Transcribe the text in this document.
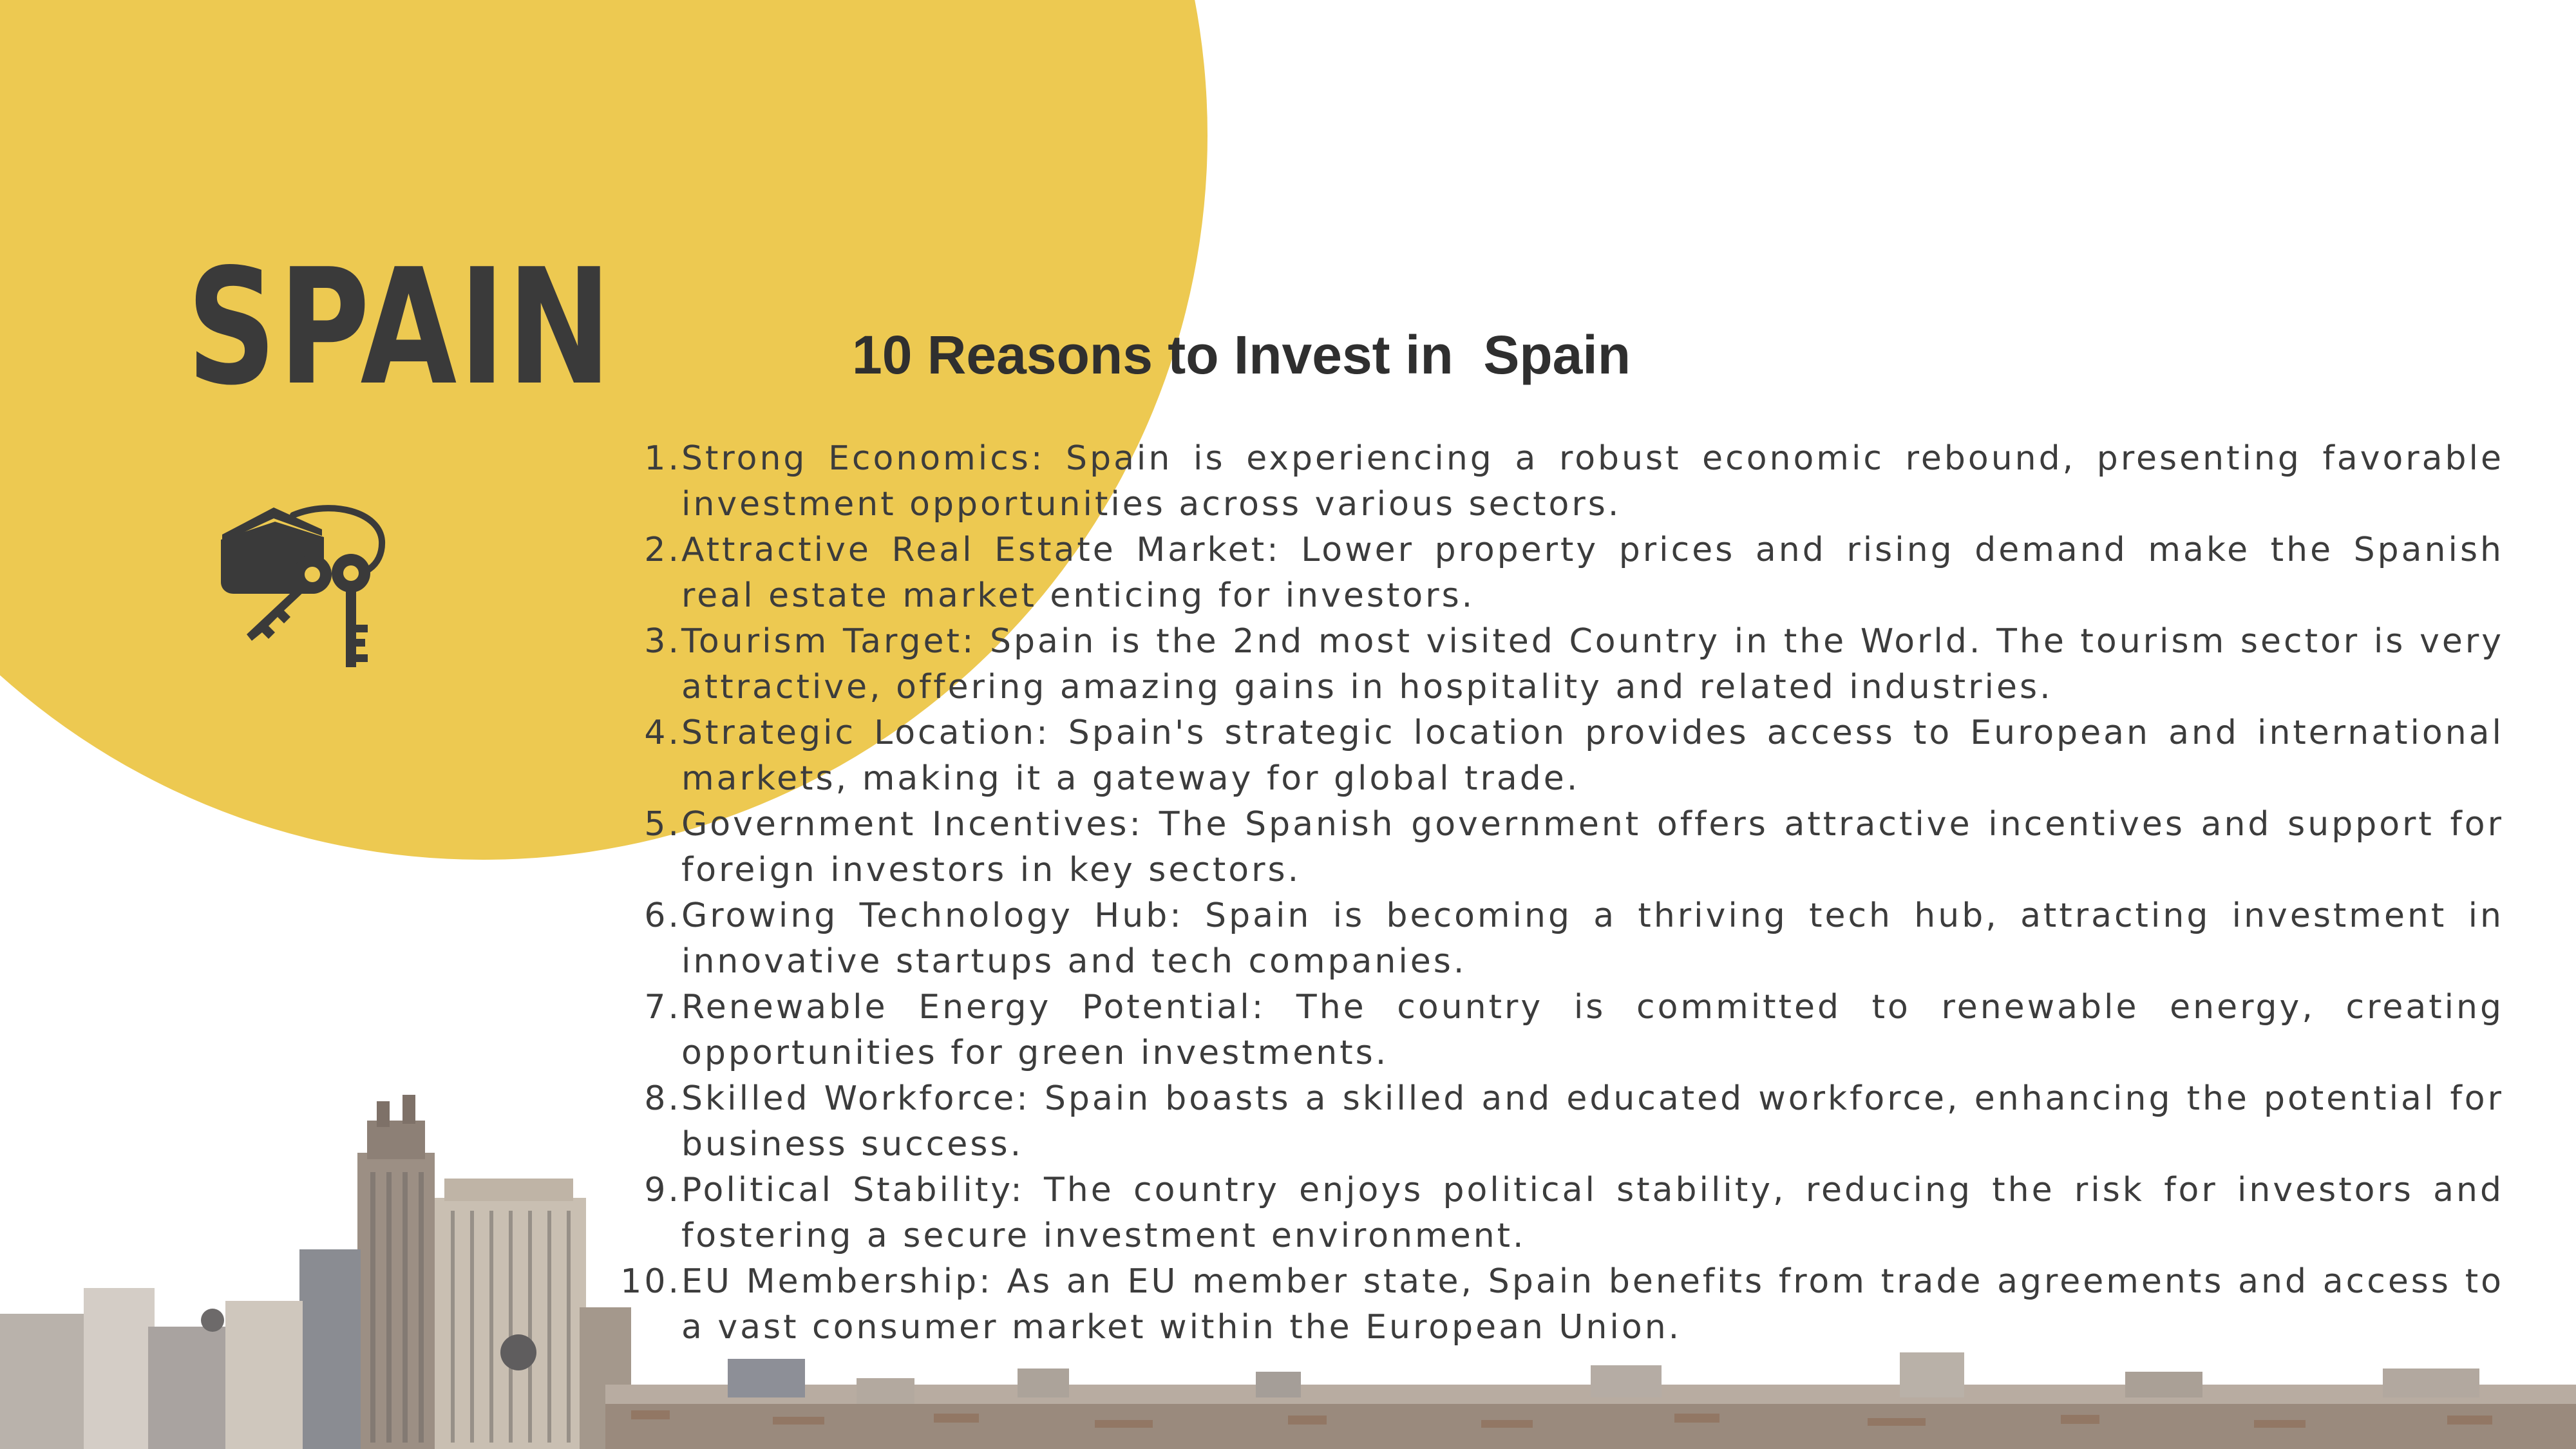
SPAIN	10 Reasons to Invest in  Spain
1. Strong Economics: Spain is experiencing a robust economic rebound, presenting favorable investment opportunities across various sectors.
2. Attractive Real Estate Market: Lower property prices and rising demand make the Spanish real estate market enticing for investors.
3. Tourism Target: Spain is the 2nd most visited Country in the World. The tourism sector is very attractive, offering amazing gains in hospitality and related industries.
4. Strategic Location: Spain's strategic location provides access to European and international markets, making it a gateway for global trade.
5. Government Incentives: The Spanish government offers attractive incentives and support for foreign investors in key sectors.
6. Growing Technology Hub: Spain is becoming a thriving tech hub, attracting investment in innovative startups and tech companies.
7. Renewable Energy Potential: The country is committed to renewable energy, creating opportunities for green investments.
8. Skilled Workforce: Spain boasts a skilled and educated workforce, enhancing the potential for business success.
9. Political Stability: The country enjoys political stability, reducing the risk for investors and fostering a secure investment environment.
10. EU Membership: As an EU member state, Spain benefits from trade agreements and access to a vast consumer market within the European Union.
